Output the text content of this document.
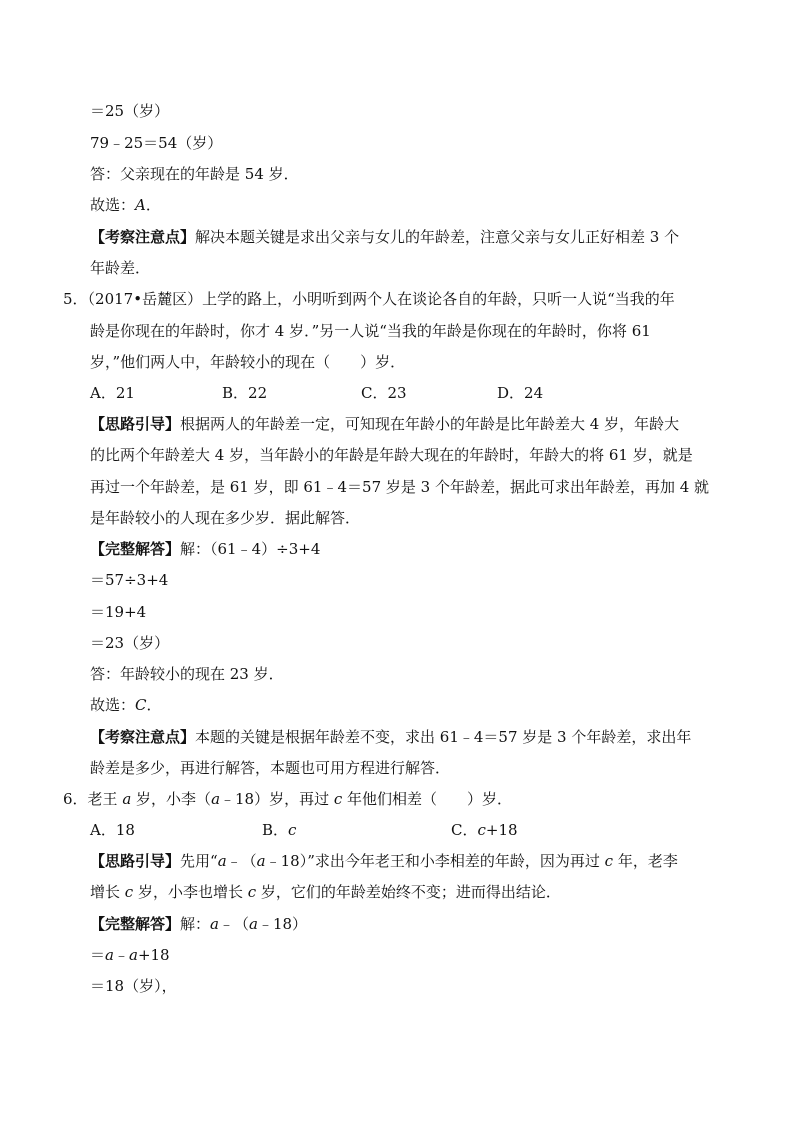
＝25（岁）
79﹣25＝54（岁）
答：父亲现在的年龄是 54 岁．
故选：A．
【考察注意点】解决本题关键是求出父亲与女儿的年龄差，注意父亲与女儿正好相差 3 个
年龄差．
5．（2017•岳麓区）上学的路上，小明听到两个人在谈论各自的年龄，只听一人说“当我的年
龄是你现在的年龄时，你才 4 岁．”另一人说“当我的年龄是你现在的年龄时，你将 61
岁，”他们两人中，年龄较小的现在（　　）岁．
A．21	B．22	C．23	D．24
【思路引导】根据两人的年龄差一定，可知现在年龄小的年龄是比年龄差大 4 岁，年龄大
的比两个年龄差大 4 岁，当年龄小的年龄是年龄大现在的年龄时，年龄大的将 61 岁，就是
再过一个年龄差，是 61 岁，即 61﹣4＝57 岁是 3 个年龄差，据此可求出年龄差，再加 4 就
是年龄较小的人现在多少岁．据此解答．
【完整解答】解：（61﹣4）÷3+4
＝57÷3+4
＝19+4
＝23（岁）
答：年龄较小的现在 23 岁．
故选：C．
【考察注意点】本题的关键是根据年龄差不变，求出 61﹣4＝57 岁是 3 个年龄差，求出年
龄差是多少，再进行解答，本题也可用方程进行解答．
6．老王 a 岁，小李（a﹣18）岁，再过 c 年他们相差（　　）岁．
A．18	B．c	C．c+18
【思路引导】先用“a﹣（a﹣18）”求出今年老王和小李相差的年龄，因为再过 c 年，老李
增长 c 岁，小李也增长 c 岁，它们的年龄差始终不变；进而得出结论．
【完整解答】解：a﹣（a﹣18）
＝a﹣a+18
＝18（岁），
